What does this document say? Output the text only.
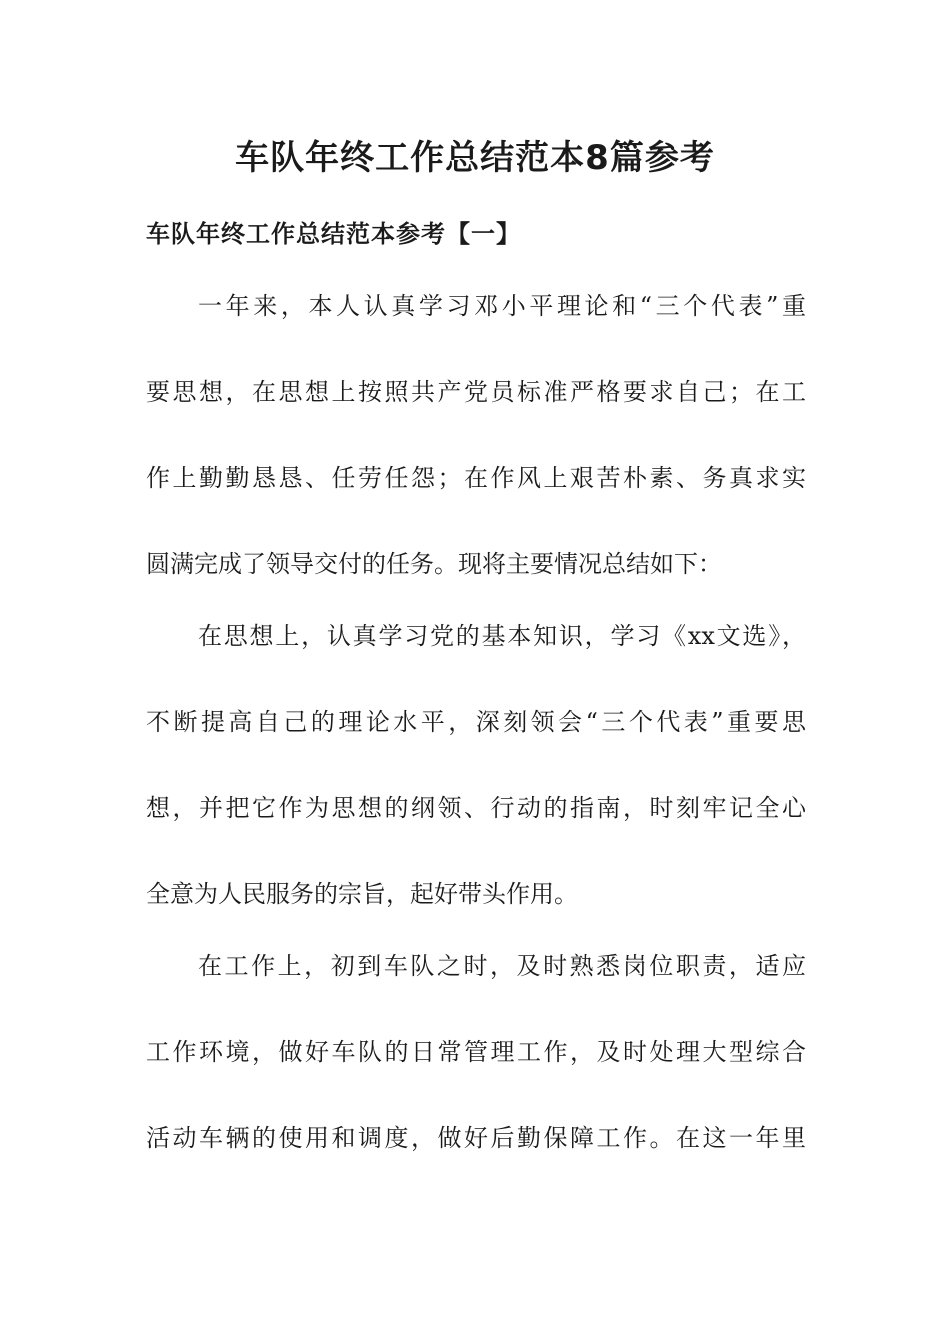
车队年终工作总结范本8篇参考
车队年终工作总结范本参考【一】

一年来，本人认真学习邓小平理论和“三个代表”重

要思想，在思想上按照共产党员标准严格要求自己；在工

作上勤勤恳恳、任劳任怨；在作风上艰苦朴素、务真求实

圆满完成了领导交付的任务。现将主要情况总结如下：

在思想上，认真学习党的基本知识，学习《xx文选》，

不断提高自己的理论水平，深刻领会“三个代表”重要思

想，并把它作为思想的纲领、行动的指南，时刻牢记全心

全意为人民服务的宗旨，起好带头作用。

在工作上，初到车队之时，及时熟悉岗位职责，适应

工作环境，做好车队的日常管理工作，及时处理大型综合

活动车辆的使用和调度，做好后勤保障工作。在这一年里
